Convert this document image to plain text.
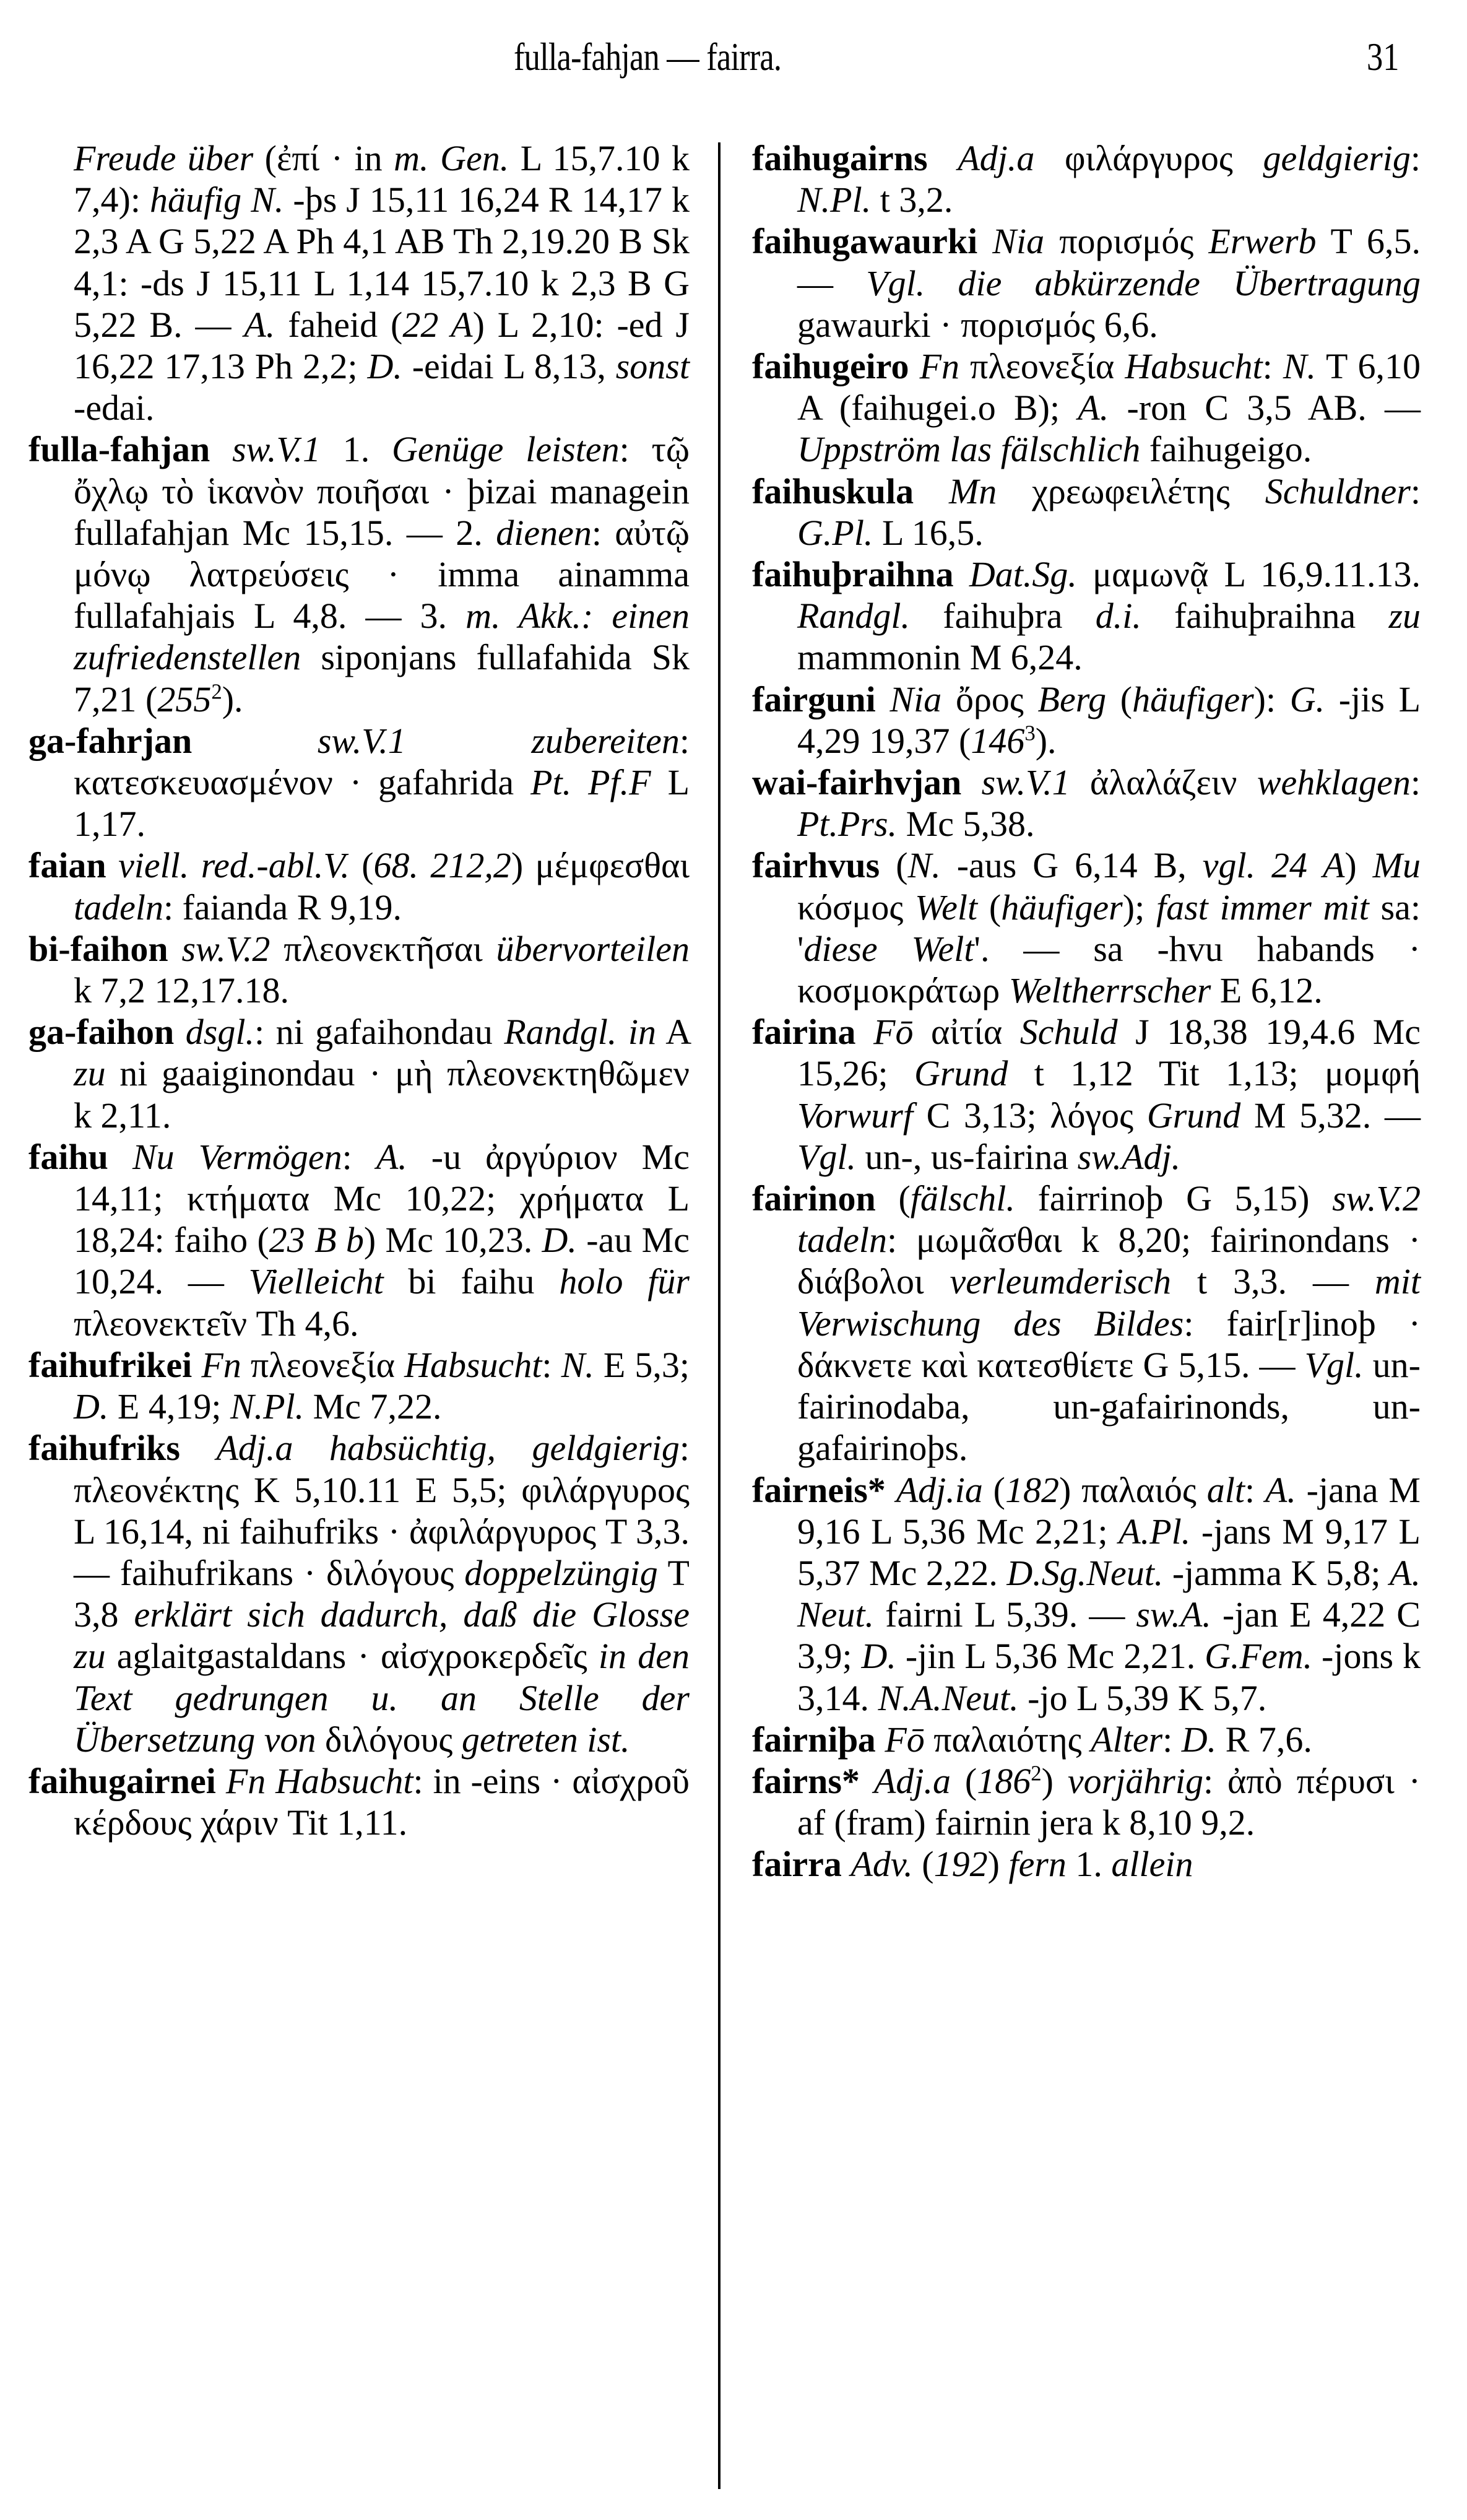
fulla-fahjan — fairra.	31

Freude über (ἐπί · in m. Gen. L 15,7.10 k 7,4): häufig N. -þs J 15,11 16,24 R 14,17 k 2,3 A G 5,22 A Ph 4,1 AB Th 2,19.20 B Sk 4,1: -ds J 15,11 L 1,14 15,7.10 k 2,3 B G 5,22 B. — A. faheid (22 A) L 2,10: -ed J 16,22 17,13 Ph 2,2; D. -eidai L 8,13, sonst -edai.

fulla-fahjan sw.V.1 1. Genüge leisten: τῷ ὄχλῳ τὸ ἱκανὸν ποιῆσαι · þizai managein fullafahjan Mc 15,15. — 2. dienen: αὐτῷ μόνῳ λατρεύσεις · imma ainamma fullafahjais L 4,8. — 3. m. Akk.: einen zufriedenstellen siponjans fullafahida Sk 7,21 $(255^2)$.

ga-fahrjan	sw.V.1 zubereiten: κατεσκευασμένον · gafahrida Pt. Pf.F L 1,17.

faian viell. red.-abl.V. (68. 212,2) μέμφεσθαι tadeln: faianda R 9,19.

bi-faihon sw.V.2 πλεονεκτῆσαι übervorteilen k 7,2 12,17.18.

ga-faihon dsgl.: ni gafaihondau Randgl. in A zu ni gaaiginondau · μὴ πλεονεκτηθῶμεν k 2,11.

faihu Nu Vermögen: A. -u ἀργύριον Mc 14,11; κτήματα Mc 10,22; χρήματα L 18,24: faiho (23 B b) Mc 10,23. D. -au Mc 10,24. — Vielleicht bi faihu holo für πλεονεκτεῖν Th 4,6.

faihufrikei Fn πλεονεξία Habsucht: N. E 5,3; D. E 4,19; N.Pl. Mc 7,22.

faihufriks Adj.a habsüchtig, geldgierig: πλεονέκτης K 5,10.11 E 5,5; φιλάργυρος L 16,14, ni faihufriks · ἀφιλάργυρος T 3,3. — faihufrikans · διλόγους doppelzüngig T 3,8 erklärt sich dadurch, daß die Glosse zu aglaitgastaldans · αἰσχροκερδεῖς in den Text gedrungen u. an Stelle der Übersetzung von διλόγους getreten ist.

faihugairnei Fn Habsucht: in -eins · αἰσχροῦ κέρδους χάριν Tit 1,11.

faihugairns Adj.a φιλάργυρος geldgierig: N.Pl. t 3,2.

faihugawaurki Nia πορισμός Erwerb T 6,5. — Vgl. die abkürzende Übertragung gawaurki · πορισμός 6,6.

faihugeiro Fn πλεονεξία Habsucht: N. T 6,10 A (faihugei.o B); A. -ron C 3,5 AB. — Uppström las fälschlich faihugeigo.

faihuskula Mn χρεωφειλέτης Schuldner: G.Pl. L 16,5.

faihuþraihna Dat.Sg. μαμωνᾷ L 16,9.11.13. Randgl. faihuþra d.i. faihuþraihna zu mammonin M 6,24.

fairguni Nia ὄρος Berg (häufiger): G. -jis L 4,29 19,37 $(146^3)$.

wai-fairhvjan sw.V.1 ἀλαλάζειν wehklagen: Pt.Prs. Mc 5,38.

fairhvus (N. -aus G 6,14 B, vgl. 24 A) Mu κόσμος Welt (häufiger); fast immer mit sa: 'diese Welt'. — sa -hvu habands · κοσμοκράτωρ Weltherrscher E 6,12.

fairina Fō αἰτία Schuld J 18,38 19,4.6 Mc 15,26; Grund t 1,12 Tit 1,13; μομφή Vorwurf C 3,13; λόγος Grund M 5,32. — Vgl. un-, us-fairina sw.Adj.

fairinon (fälschl. fairrinoþ G 5,15) sw.V.2 tadeln: μωμᾶσθαι k 8,20; fairinondans · διάβολοι verleumderisch t 3,3. — mit Verwischung des Bildes: fair[r]inoþ · δάκνετε καὶ κατεσθίετε G 5,15. — Vgl. un-fairinodaba, un-gafairinonds, un-gafairinoþs.

fairneis* Adj.ia (182) παλαιός alt: A. -jana M 9,16 L 5,36 Mc 2,21; A.Pl. -jans M 9,17 L 5,37 Mc 2,22. D.Sg.Neut. -jamma K 5,8; A. Neut. fairni L 5,39. — sw.A. -jan E 4,22 C 3,9; D. -jin L 5,36 Mc 2,21. G.Fem. -jons k 3,14. N.A.Neut. -jo L 5,39 K 5,7.

fairniþa Fō παλαιότης Alter: D. R 7,6.

fairns* Adj.a $(186^2)$ vorjährig: ἀπὸ πέρυσι · af (fram) fairnin jera k 8,10 9,2.

fairra Adv. (192) fern 1. allein
